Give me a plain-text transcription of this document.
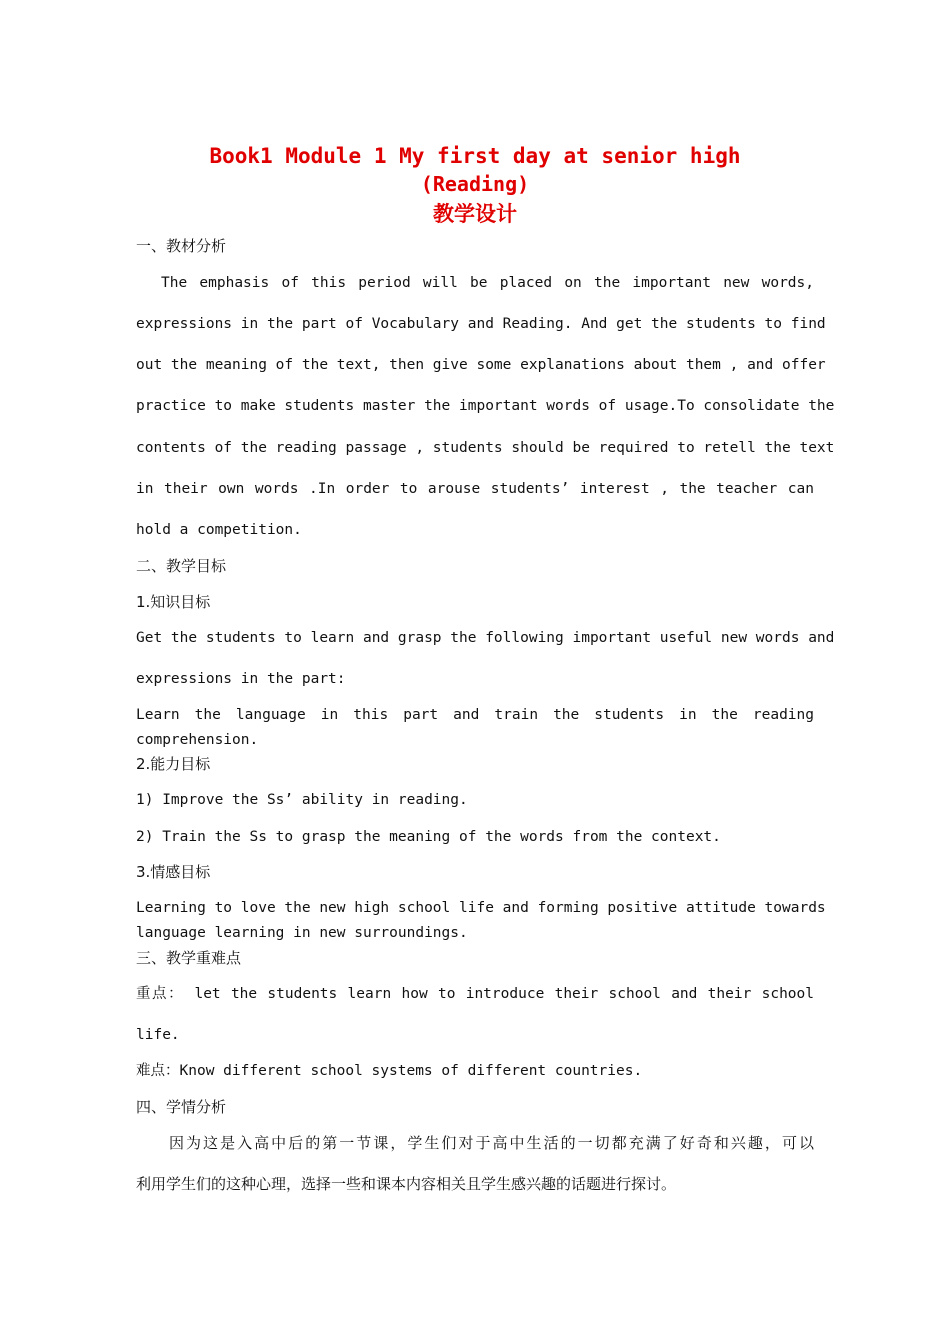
Book1 Module 1 My first day at senior high
(Reading)
教学设计
一、教材分析
The emphasis of this period will be placed on the important new words,
expressions in the part of Vocabulary and Reading. And get the students to find
out the meaning of the text, then give some explanations about them , and offer
practice to make students master the important words of usage.To consolidate the
contents of the reading passage , students should be required to retell the text
in their own words .In order to arouse students’ interest , the teacher can
hold a competition.
二、教学目标
1.知识目标
Get the students to learn and grasp the following important useful new words and
expressions in the part:
Learn the language in this part and train the students in the reading
comprehension.
2.能力目标
1) Improve the Ss’ ability in reading.
2) Train the Ss to grasp the meaning of the words from the context.
3.情感目标
Learning to love the new high school life and forming positive attitude towards
language learning in new surroundings.
三、教学重难点
重点： let the students learn how to introduce their school and their school
life.
难点：Know different school systems of different countries.
四、学情分析
因为这是入高中后的第一节课，学生们对于高中生活的一切都充满了好奇和兴趣，可以
利用学生们的这种心理，选择一些和课本内容相关且学生感兴趣的话题进行探讨。
